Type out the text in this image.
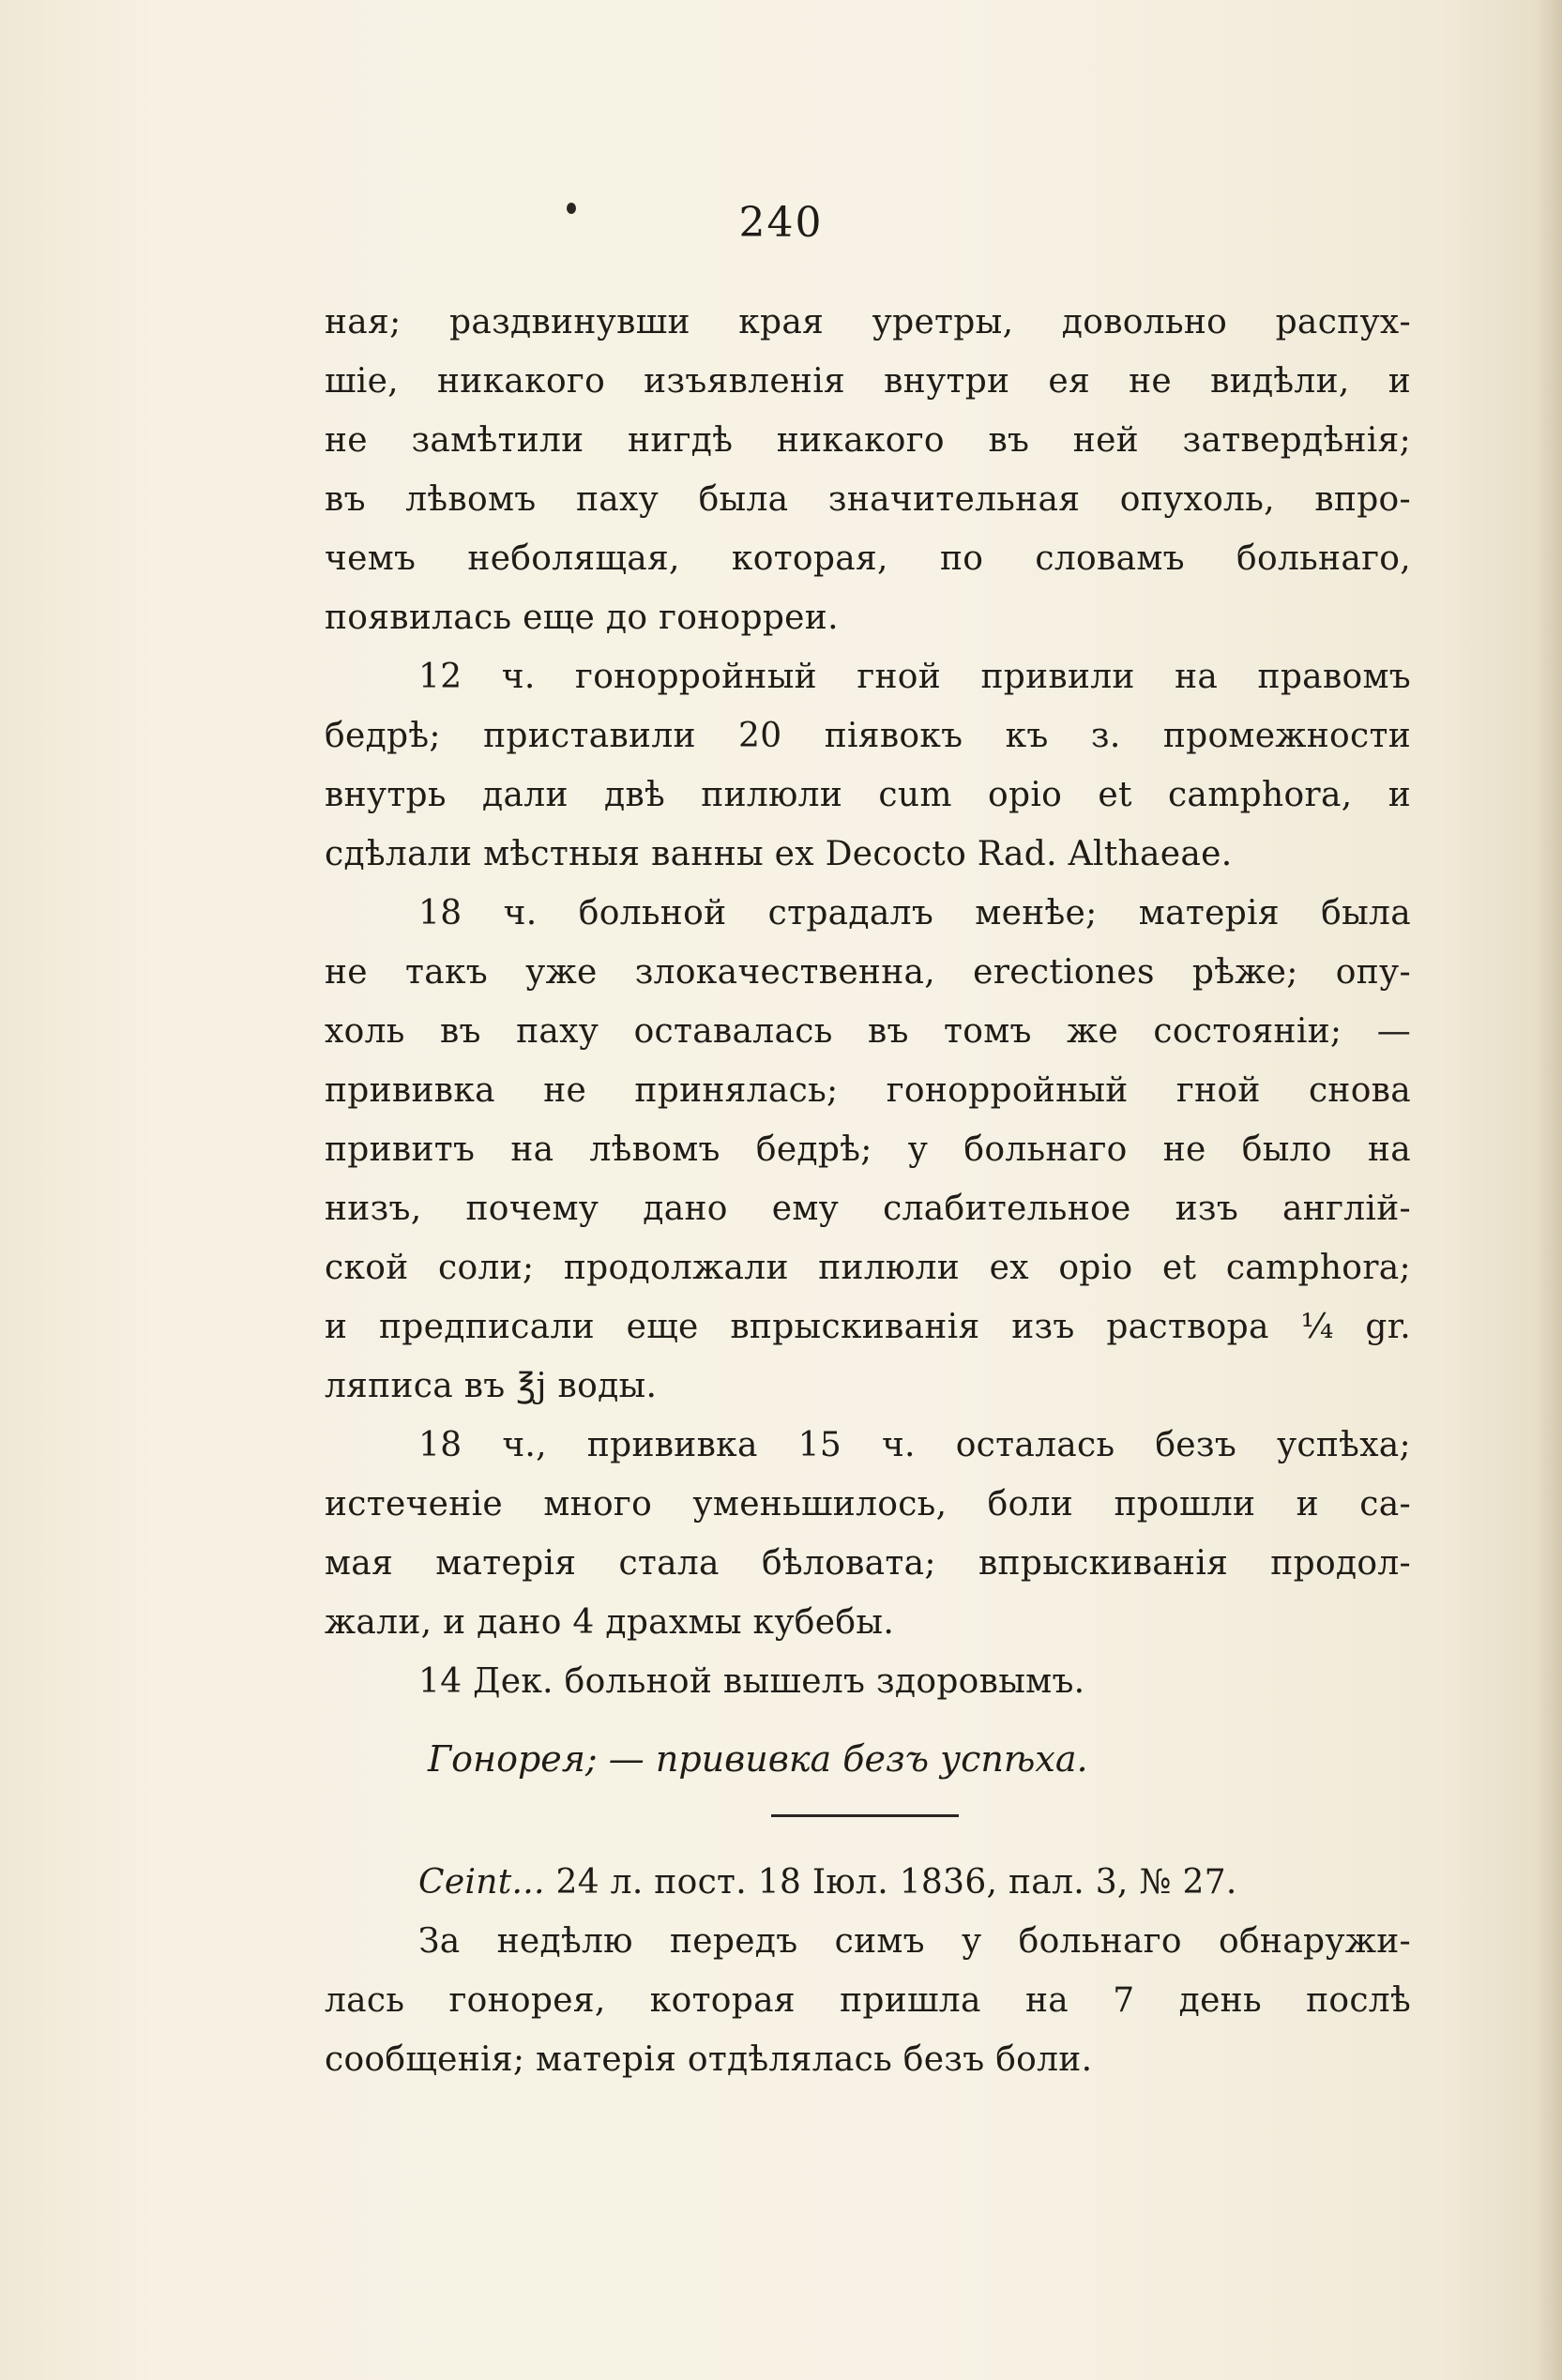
240
ная; раздвинувши края уретры, довольно распух-
шіе, никакого изъявленія внутри ея не видѣли, и
не замѣтили нигдѣ никакого въ ней затвердѣнія;
въ лѣвомъ паху была значительная опухоль, впро-
чемъ неболящая, которая, по словамъ больнаго,
появилась еще до гонорреи.
12 ч. гонорройный гной привили на правомъ
бедрѣ; приставили 20 піявокъ къ з. промежности
внутрь дали двѣ пилюли cum opio et camphora, и
сдѣлали мѣстныя ванны ex Decocto Rad. Althaeae.
18 ч. больной страдалъ менѣе; матерія была
не такъ уже злокачественна, erectiones рѣже; опу-
холь въ паху оставалась въ томъ же состояніи; —
прививка не принялась; гонорройный гной снова
привитъ на лѣвомъ бедрѣ; у больнаго не было на
низъ, почему дано ему слабительное изъ англій-
ской соли; продолжали пилюли ex opio et camphora;
и предписали еще впрыскиванія изъ раствора ¼ gr.
ляписа въ ℥j воды.
18 ч., прививка 15 ч. осталась безъ успѣха;
истеченіе много уменьшилось, боли прошли и са-
мая матерія стала бѣловата; впрыскиванія продол-
жали, и дано 4 драхмы кубебы.
14 Дек. больной вышелъ здоровымъ.
Гонорея; — прививка безъ успѣха.
Ceint... 24 л. пост. 18 Іюл. 1836, пал. 3, № 27.
За недѣлю передъ симъ у больнаго обнаружи-
лась гонорея, которая пришла на 7 день послѣ
сообщенія; матерія отдѣлялась безъ боли.
